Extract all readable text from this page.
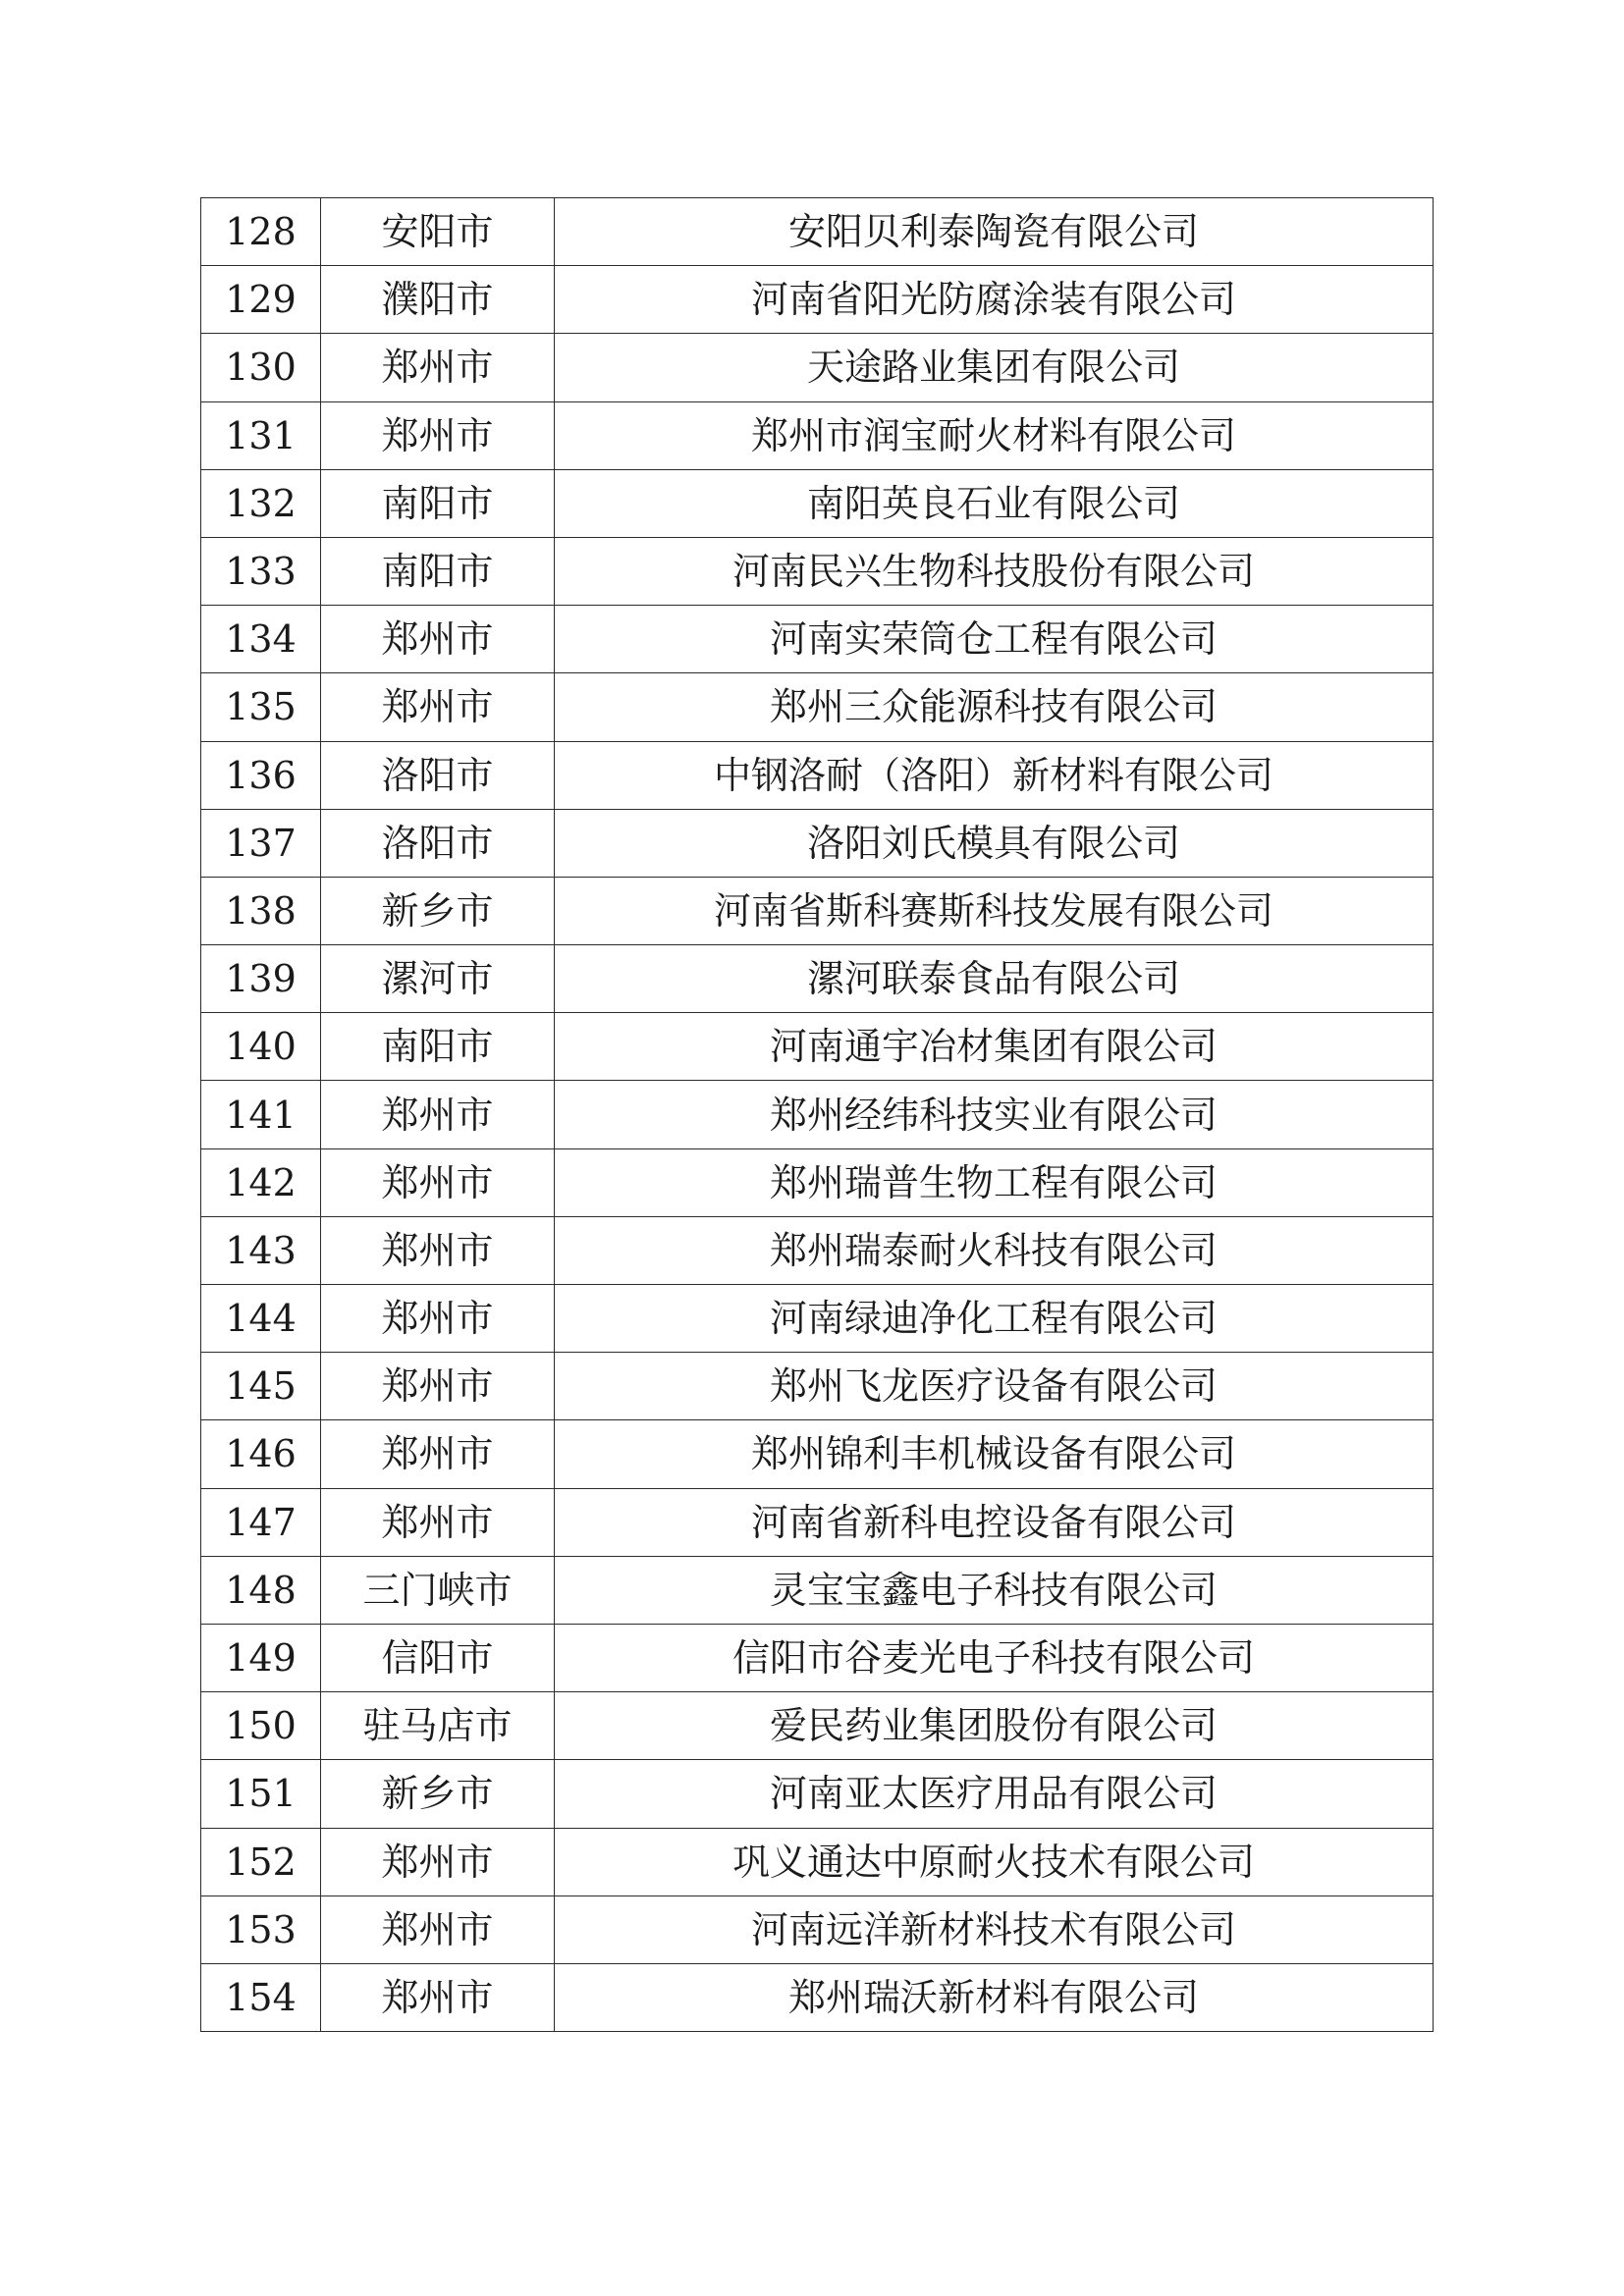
128	安阳市	安阳贝利泰陶瓷有限公司
129	濮阳市	河南省阳光防腐涂装有限公司
130	郑州市	天途路业集团有限公司
131	郑州市	郑州市润宝耐火材料有限公司
132	南阳市	南阳英良石业有限公司
133	南阳市	河南民兴生物科技股份有限公司
134	郑州市	河南实荣筒仓工程有限公司
135	郑州市	郑州三众能源科技有限公司
136	洛阳市	中钢洛耐（洛阳）新材料有限公司
137	洛阳市	洛阳刘氏模具有限公司
138	新乡市	河南省斯科赛斯科技发展有限公司
139	漯河市	漯河联泰食品有限公司
140	南阳市	河南通宇冶材集团有限公司
141	郑州市	郑州经纬科技实业有限公司
142	郑州市	郑州瑞普生物工程有限公司
143	郑州市	郑州瑞泰耐火科技有限公司
144	郑州市	河南绿迪净化工程有限公司
145	郑州市	郑州飞龙医疗设备有限公司
146	郑州市	郑州锦利丰机械设备有限公司
147	郑州市	河南省新科电控设备有限公司
148	三门峡市	灵宝宝鑫电子科技有限公司
149	信阳市	信阳市谷麦光电子科技有限公司
150	驻马店市	爱民药业集团股份有限公司
151	新乡市	河南亚太医疗用品有限公司
152	郑州市	巩义通达中原耐火技术有限公司
153	郑州市	河南远洋新材料技术有限公司
154	郑州市	郑州瑞沃新材料有限公司
